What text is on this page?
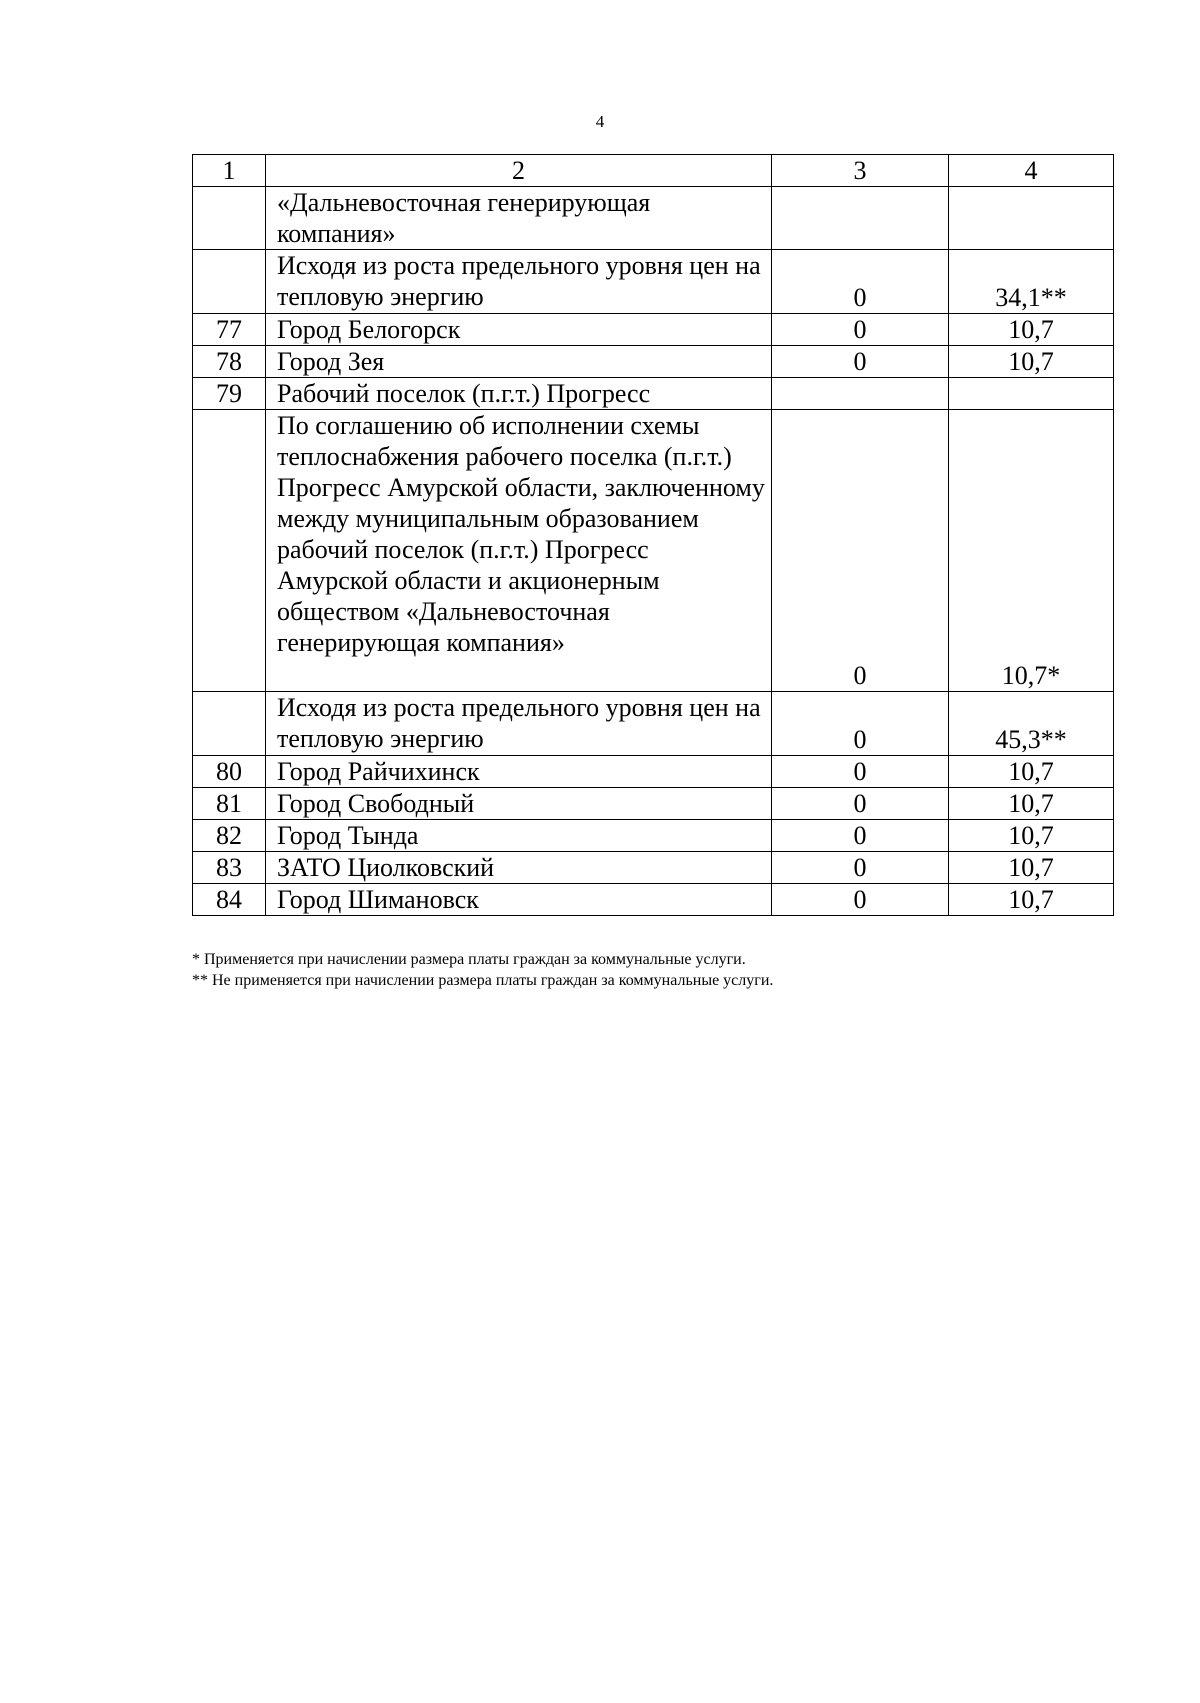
4
1	2	3	4
	«Дальневосточная генерирующая компания»		
	Исходя из роста предельного уровня цен на тепловую энергию	0	34,1**
77	Город Белогорск	0	10,7
78	Город Зея	0	10,7
79	Рабочий поселок (п.г.т.) Прогресс		
	По соглашению об исполнении схемы теплоснабжения рабочего поселка (п.г.т.) Прогресс Амурской области, заключенному между муниципальным образованием рабочий поселок (п.г.т.) Прогресс Амурской области и акционерным обществом «Дальневосточная генерирующая компания»	0	10,7*
	Исходя из роста предельного уровня цен на тепловую энергию	0	45,3**
80	Город Райчихинск	0	10,7
81	Город Свободный	0	10,7
82	Город Тында	0	10,7
83	ЗАТО Циолковский	0	10,7
84	Город Шимановск	0	10,7
* Применяется при начислении размера платы граждан за коммунальные услуги.
** Не применяется при начислении размера платы граждан за коммунальные услуги.
